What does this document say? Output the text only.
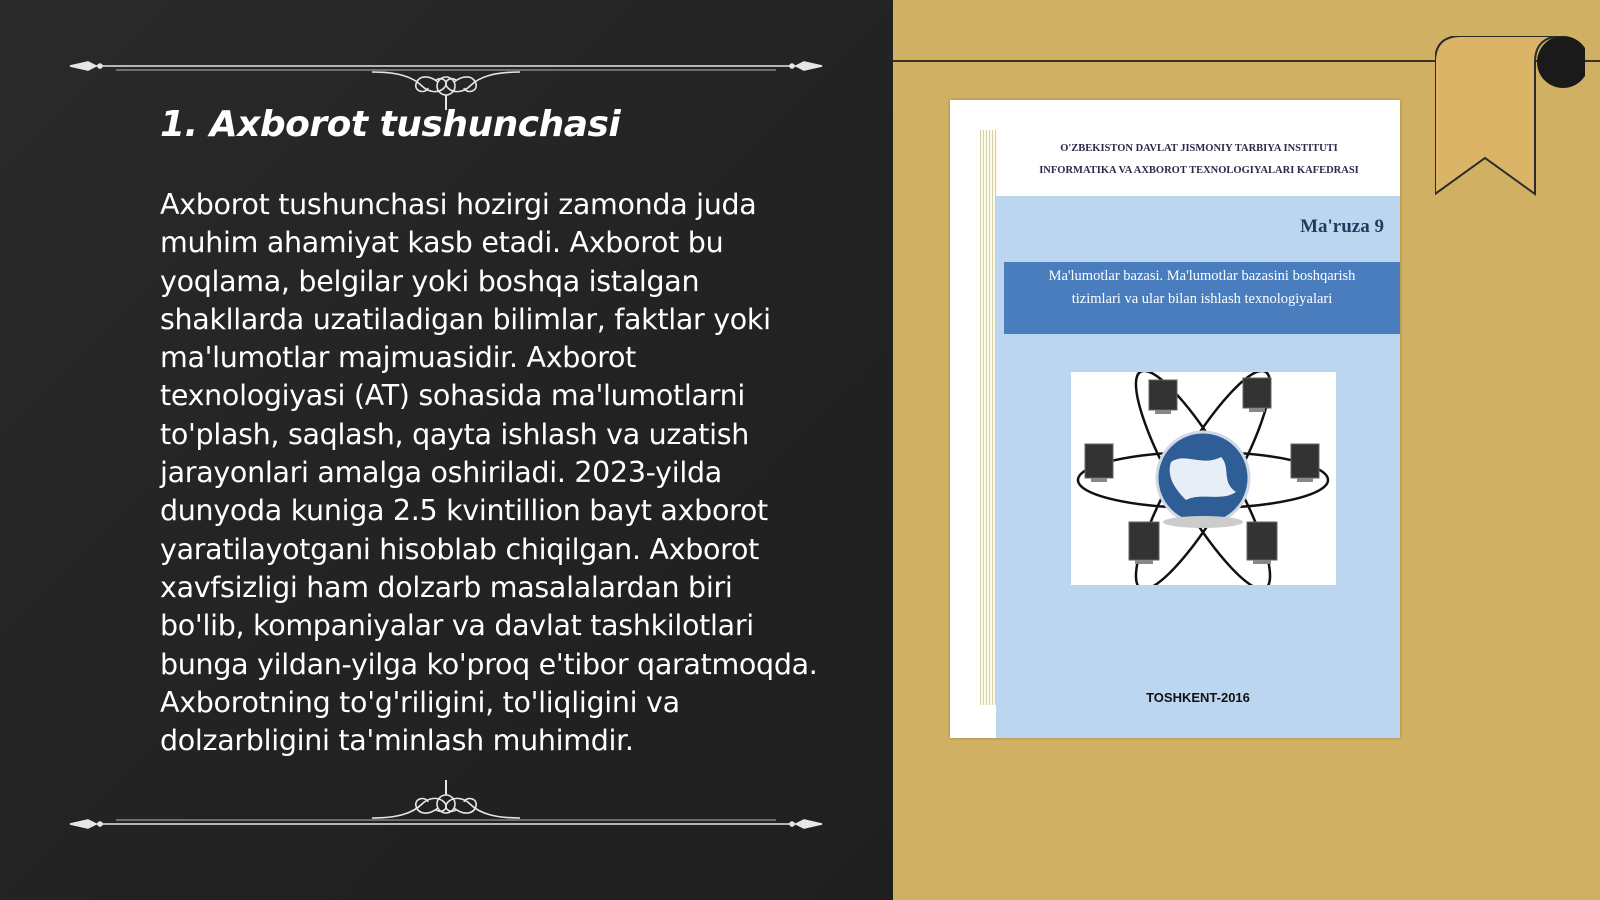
1. Axborot tushunchasi
Axborot tushunchasi hozirgi zamonda juda muhim ahamiyat kasb etadi. Axborot bu yoqlama, belgilar yoki boshqa istalgan shakllarda uzatiladigan bilimlar, faktlar yoki ma'lumotlar majmuasidir. Axborot texnologiyasi (AT) sohasida ma'lumotlarni to'plash, saqlash, qayta ishlash va uzatish jarayonlari amalga oshiriladi. 2023-yilda dunyoda kuniga 2.5 kvintillion bayt axborot yaratilayotgani hisoblab chiqilgan. Axborot xavfsizligi ham dolzarb masalalardan biri bo'lib, kompaniyalar va davlat tashkilotlari bunga yildan-yilga ko'proq e'tibor qaratmoqda. Axborotning to'g'riligini, to'liqligini va dolzarbligini ta'minlash muhimdir.
O'ZBEKISTON DAVLAT JISMONIY TARBIYA INSTITUTI
INFORMATIKA VA AXBOROT TEXNOLOGIYALARI KAFEDRASI
Ma'ruza 9
Ma'lumotlar bazasi. Ma'lumotlar bazasini boshqarish tizimlari va ular bilan ishlash texnologiyalari
TOSHKENT-2016
